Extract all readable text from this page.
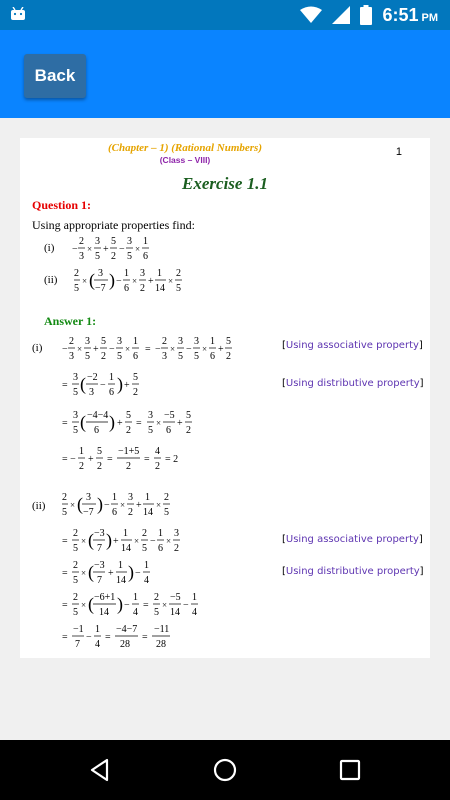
6:51 PM
Back
(Chapter – 1) (Rational Numbers)
(Class – VIII)
1
Exercise 1.1
Question 1:
Using appropriate properties find:
(i) −
2
3
×
3
5
+
5
2
−
3
5
×
1
6
(ii)
2
5
× ( 3
−7 ) −
1
6
×
3
2
+
1
14
×
2
5
Answer 1:
(i) −
2
3
×
3
5
+
5
2
−
3
5
×
1
6
= −
2
3
×
3
5
−
3
5
×
1
6
+
5
2
[Using associative property]
=
3
5 ( −2
3
−
1
6 ) +
5
2
[Using distributive property]
=
3
5 ( −4−4
6 ) +
5
2
=
3
5
×
−5
6
+
5
2
= −
1
2
+
5
2
=
−1+5
2
=
4
2
= 2
(ii)
2
5
× ( 3
−7 ) −
1
6
×
3
2
+
1
14
×
2
5
=
2
5
× ( −3
7 ) +
1
14
×
2
5
−
1
6
×
3
2
[Using associative property]
=
2
5
× ( −3
7
+
1
14 ) −
1
4
[Using distributive property]
=
2
5
× ( −6+1
14 ) −
1
4
=
2
5
×
−5
14
−
1
4
=
−1
7
−
1
4
=
−4−7
28
=
−11
28
